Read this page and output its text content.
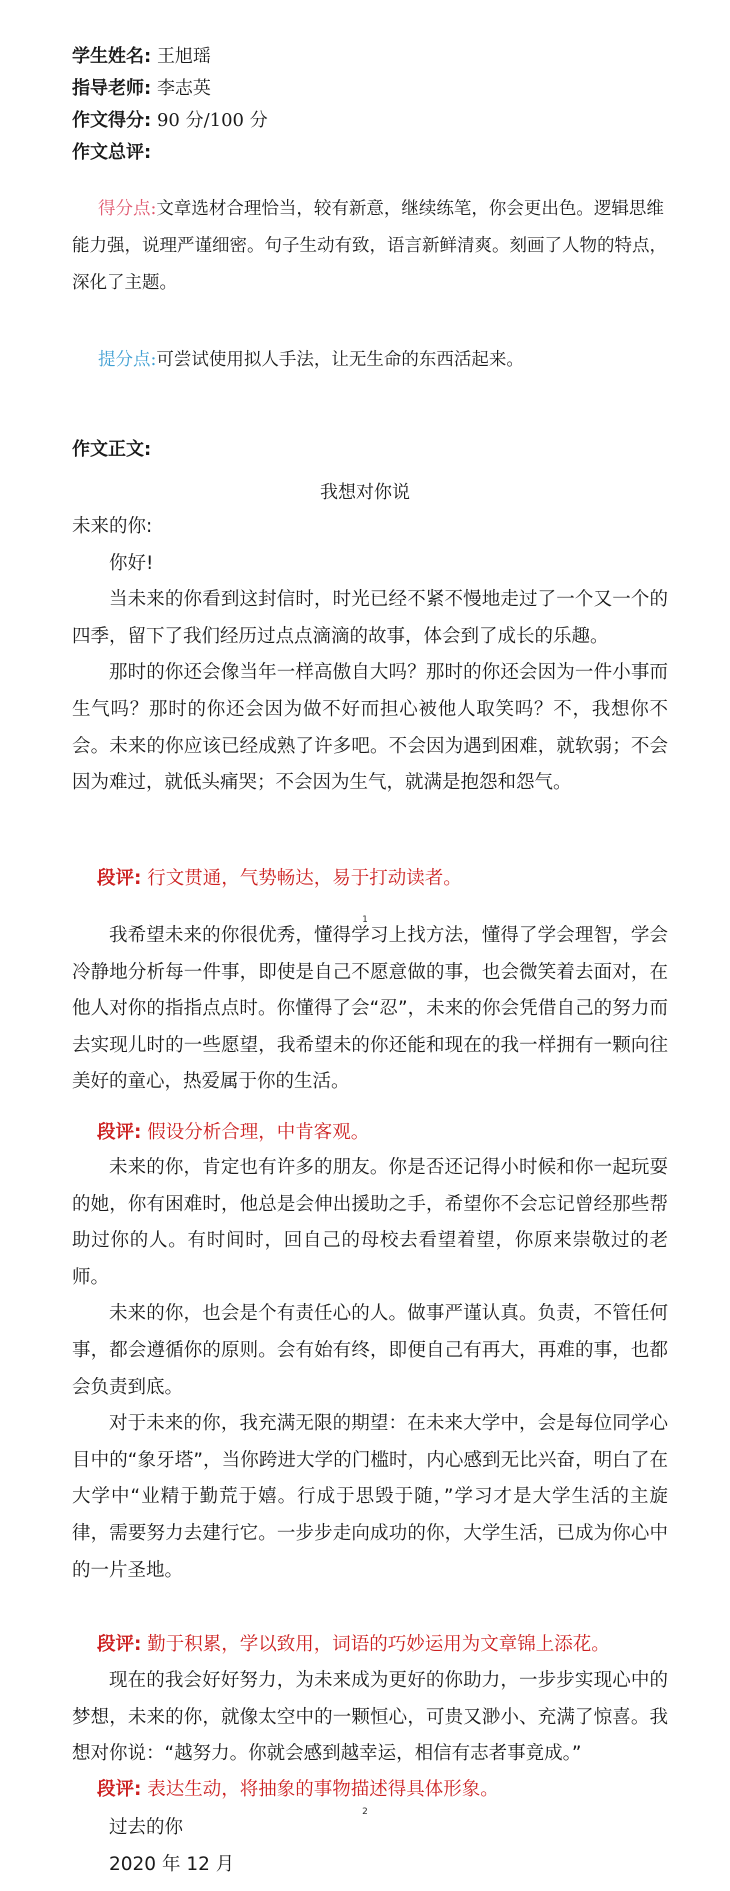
学生姓名: 王旭瑶
指导老师: 李志英
作文得分: 90 分/100 分
作文总评:
得分点:文章选材合理恰当，较有新意，继续练笔，你会更出色。逻辑思维能力强，说理严谨细密。句子生动有致，语言新鲜清爽。刻画了人物的特点，深化了主题。
提分点:可尝试使用拟人手法，让无生命的东西活起来。
作文正文:
我想对你说

未来的你:

你好!

当未来的你看到这封信时，时光已经不紧不慢地走过了一个又一个的四季，留下了我们经历过点点滴滴的故事，体会到了成长的乐趣。

那时的你还会像当年一样高傲自大吗？那时的你还会因为一件小事而生气吗？那时的你还会因为做不好而担心被他人取笑吗？不，我想你不会。未来的你应该已经成熟了许多吧。不会因为遇到困难，就软弱；不会因为难过，就低头痛哭；不会因为生气，就满是抱怨和怨气。

段评: 行文贯通，气势畅达，易于打动读者。
1

我希望未来的你很优秀，懂得学习上找方法，懂得了学会理智，学会冷静地分析每一件事，即使是自己不愿意做的事，也会微笑着去面对，在他人对你的指指点点时。你懂得了会“忍”，未来的你会凭借自己的努力而去实现儿时的一些愿望，我希望未的你还能和现在的我一样拥有一颗向往美好的童心，热爱属于你的生活。

段评: 假设分析合理，中肯客观。

未来的你，肯定也有许多的朋友。你是否还记得小时候和你一起玩耍的她，你有困难时，他总是会伸出援助之手，希望你不会忘记曾经那些帮助过你的人。有时间时，回自己的母校去看望着望，你原来崇敬过的老师。

未来的你，也会是个有责任心的人。做事严谨认真。负责，不管任何事，都会遵循你的原则。会有始有终，即便自己有再大，再难的事，也都会负责到底。

对于未来的你，我充满无限的期望：在未来大学中，会是每位同学心目中的“象牙塔”，当你跨进大学的门槛时，内心感到无比兴奋，明白了在大学中“业精于勤荒于嬉。行成于思毁于随，”学习才是大学生活的主旋律，需要努力去建行它。一步步走向成功的你，大学生活，已成为你心中的一片圣地。

段评: 勤于积累，学以致用，词语的巧妙运用为文章锦上添花。

现在的我会好好努力，为未来成为更好的你助力，一步步实现心中的梦想，未来的你，就像太空中的一颗恒心，可贵又渺小、充满了惊喜。我想对你说：“越努力。你就会感到越幸运，相信有志者事竟成。”

段评: 表达生动，将抽象的事物描述得具体形象。
2
过去的你
2020 年 12 月
